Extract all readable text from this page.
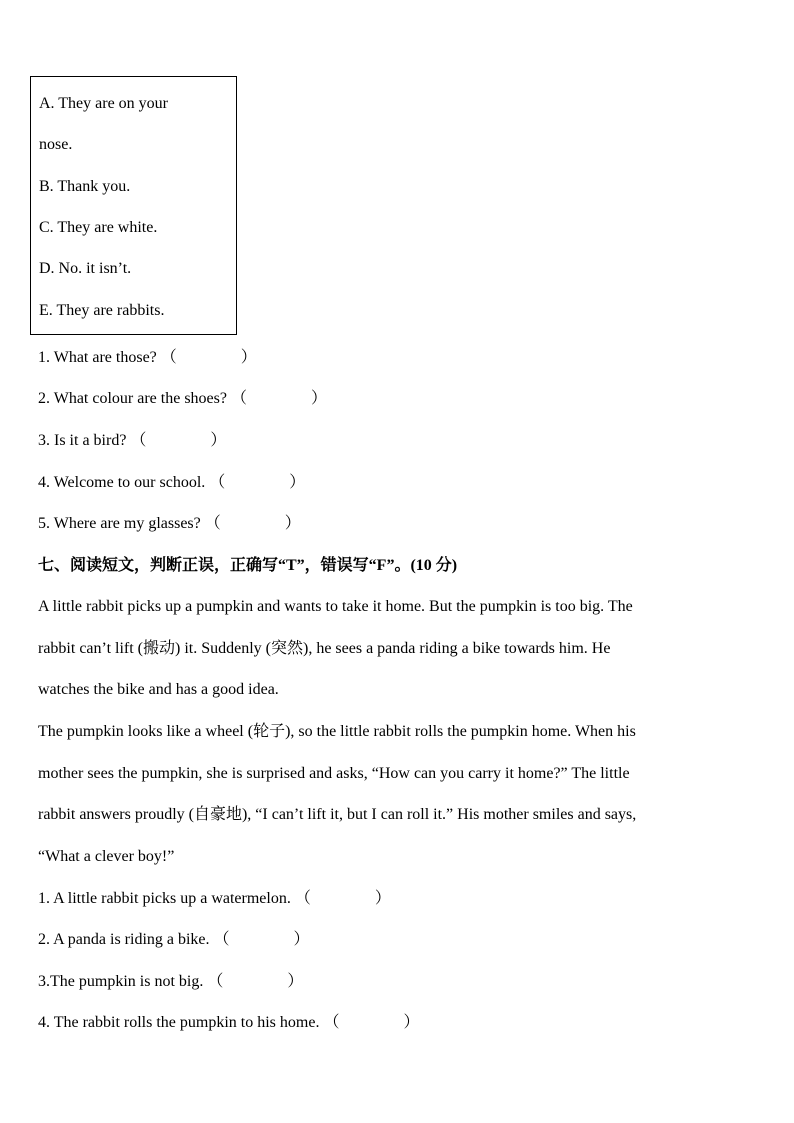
A. They are on your
nose.
B. Thank you.
C. They are white.
D. No. it isn’t.
E. They are rabbits.
1. What are those? （　　　　）
2. What colour are the shoes? （　　　　）
3. Is it a bird? （　　　　）
4. Welcome to our school. （　　　　）
5. Where are my glasses? （　　　　）
七、阅读短文，判断正误，正确写“T”，错误写“F”。(10 分)
A little rabbit picks up a pumpkin and wants to take it home. But the pumpkin is too big. The
rabbit can’t lift (搬动) it. Suddenly (突然), he sees a panda riding a bike towards him. He
watches the bike and has a good idea.
The pumpkin looks like a wheel (轮子), so the little rabbit rolls the pumpkin home. When his
mother sees the pumpkin, she is surprised and asks, “How can you carry it home?” The little
rabbit answers proudly (自豪地), “I can’t lift it, but I can roll it.” His mother smiles and says,
“What a clever boy!”
1. A little rabbit picks up a watermelon. （　　　　）
2. A panda is riding a bike. （　　　　）
3.The pumpkin is not big. （　　　　）
4. The rabbit rolls the pumpkin to his home. （　　　　）
